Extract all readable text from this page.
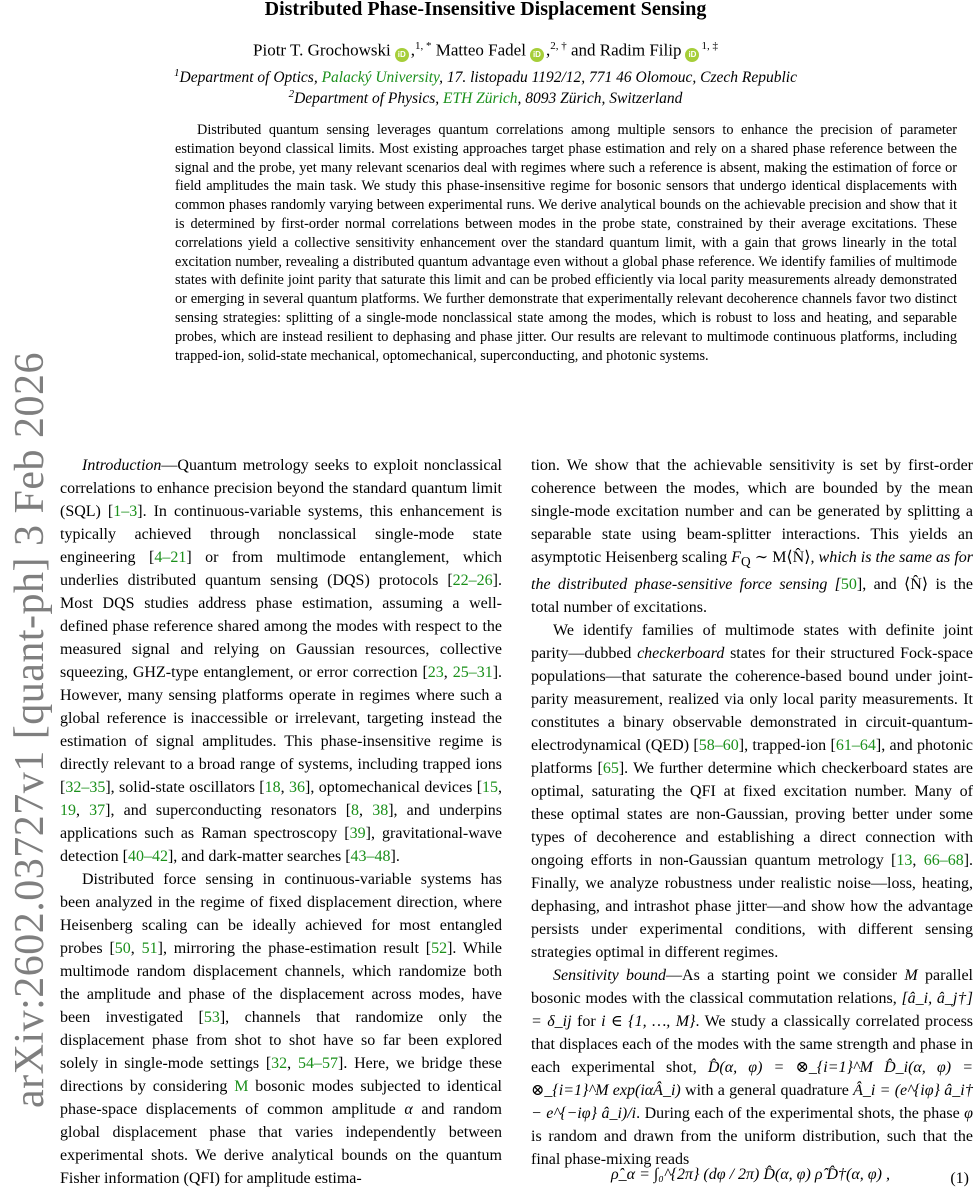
arXiv:2602.03727v1 [quant-ph] 3 Feb 2026
Distributed Phase-Insensitive Displacement Sensing
Piotr T. Grochowski iD ,$^{1, *}$ Matteo Fadel iD ,$^{2, \dagger}$ and Radim Filip $iD^{1, \ddagger}$
$^1$Department of Optics, Palacký University, 17. listopadu 1192/12, 771 46 Olomouc, Czech Republic
$^2$Department of Physics, ETH Zürich, 8093 Zürich, Switzerland
Distributed quantum sensing leverages quantum correlations among multiple sensors to enhance the precision of parameter estimation beyond classical limits. Most existing approaches target phase estimation and rely on a shared phase reference between the signal and the probe, yet many relevant scenarios deal with regimes where such a reference is absent, making the estimation of force or field amplitudes the main task. We study this phase-insensitive regime for bosonic sensors that undergo identical displacements with common phases randomly varying between experimental runs. We derive analytical bounds on the achievable precision and show that it is determined by first-order normal correlations between modes in the probe state, constrained by their average excitations. These correlations yield a collective sensitivity enhancement over the standard quantum limit, with a gain that grows linearly in the total excitation number, revealing a distributed quantum advantage even without a global phase reference. We identify families of multimode states with definite joint parity that saturate this limit and can be probed efficiently via local parity measurements already demonstrated or emerging in several quantum platforms. We further demonstrate that experimentally relevant decoherence channels favor two distinct sensing strategies: splitting of a single-mode nonclassical state among the modes, which is robust to loss and heating, and separable probes, which are instead resilient to dephasing and phase jitter. Our results are relevant to multimode continuous platforms, including trapped-ion, solid-state mechanical, optomechanical, superconducting, and photonic systems.

Introduction—Quantum metrology seeks to exploit nonclassical correlations to enhance precision beyond the standard quantum limit (SQL) [1–3]. In continuous-variable systems, this enhancement is typically achieved through nonclassical single-mode state engineering [4–21] or from multimode entanglement, which underlies distributed quantum sensing (DQS) protocols [22–26]. Most DQS studies address phase estimation, assuming a well-defined phase reference shared among the modes with respect to the measured signal and relying on Gaussian resources, collective squeezing, GHZ-type entanglement, or error correction [23, 25–31]. However, many sensing platforms operate in regimes where such a global reference is inaccessible or irrelevant, targeting instead the estimation of signal amplitudes. This phase-insensitive regime is directly relevant to a broad range of systems, including trapped ions [32–35], solid-state oscillators [18, 36], optomechanical devices [15, 19, 37], and superconducting resonators [8, 38], and underpins applications such as Raman spectroscopy [39], gravitational-wave detection [40–42], and dark-matter searches [43–48].

Distributed force sensing in continuous-variable systems has been analyzed in the regime of fixed displacement direction, where Heisenberg scaling can be ideally achieved for most entangled probes [50, 51], mirroring the phase-estimation result [52]. While multimode random displacement channels, which randomize both the amplitude and phase of the displacement across modes, have been investigated [53], channels that randomize only the displacement phase from shot to shot have so far been explored solely in single-mode settings [32, 54–57]. Here, we bridge these directions by considering M bosonic modes subjected to identical phase-space displacements of common amplitude α and random global displacement phase that varies independently between experimental shots. We derive analytical bounds on the quantum Fisher information (QFI) for amplitude estima-

tion. We show that the achievable sensitivity is set by first-order coherence between the modes, which are bounded by the mean single-mode excitation number and can be generated by splitting a separable state using beam-splitter interactions. This yields an asymptotic Heisenberg scaling $F_Q$ ∼ M⟨N̂⟩, which is the same as for the distributed phase-sensitive force sensing [50], and ⟨N̂⟩ is the total number of excitations.

We identify families of multimode states with definite joint parity—dubbed checkerboard states for their structured Fock-space populations—that saturate the coherence-based bound under joint-parity measurement, realized via only local parity measurements. It constitutes a binary observable demonstrated in circuit-quantum-electrodynamical (QED) [58–60], trapped-ion [61–64], and photonic platforms [65]. We further determine which checkerboard states are optimal, saturating the QFI at fixed excitation number. Many of these optimal states are non-Gaussian, proving better under some types of decoherence and establishing a direct connection with ongoing efforts in non-Gaussian quantum metrology [13, 66–68]. Finally, we analyze robustness under realistic noise—loss, heating, dephasing, and intrashot phase jitter—and show how the advantage persists under experimental conditions, with different sensing strategies optimal in different regimes.

Sensitivity bound—As a starting point we consider M parallel bosonic modes with the classical commutation relations, [â_i, â_j†] = δ_ij for i ∈ {1, …, M}. We study a classically correlated process that displaces each of the modes with the same strength and phase in each experimental shot, D̂(α, φ) = ⊗_{i=1}^M D̂_i(α, φ) = ⊗_{i=1}^M exp(iαÂ_i) with a general quadrature Â_i = (e^{iφ} â_i† − e^{−iφ} â_i)/i. During each of the experimental shots, the phase φ is random and drawn from the uniform distribution, such that the final phase-mixing reads

ρ̂_α = ∫₀^{2π} (dφ / 2π) D̂(α, φ) ρ̂ D̂†(α, φ) ,	(1)
